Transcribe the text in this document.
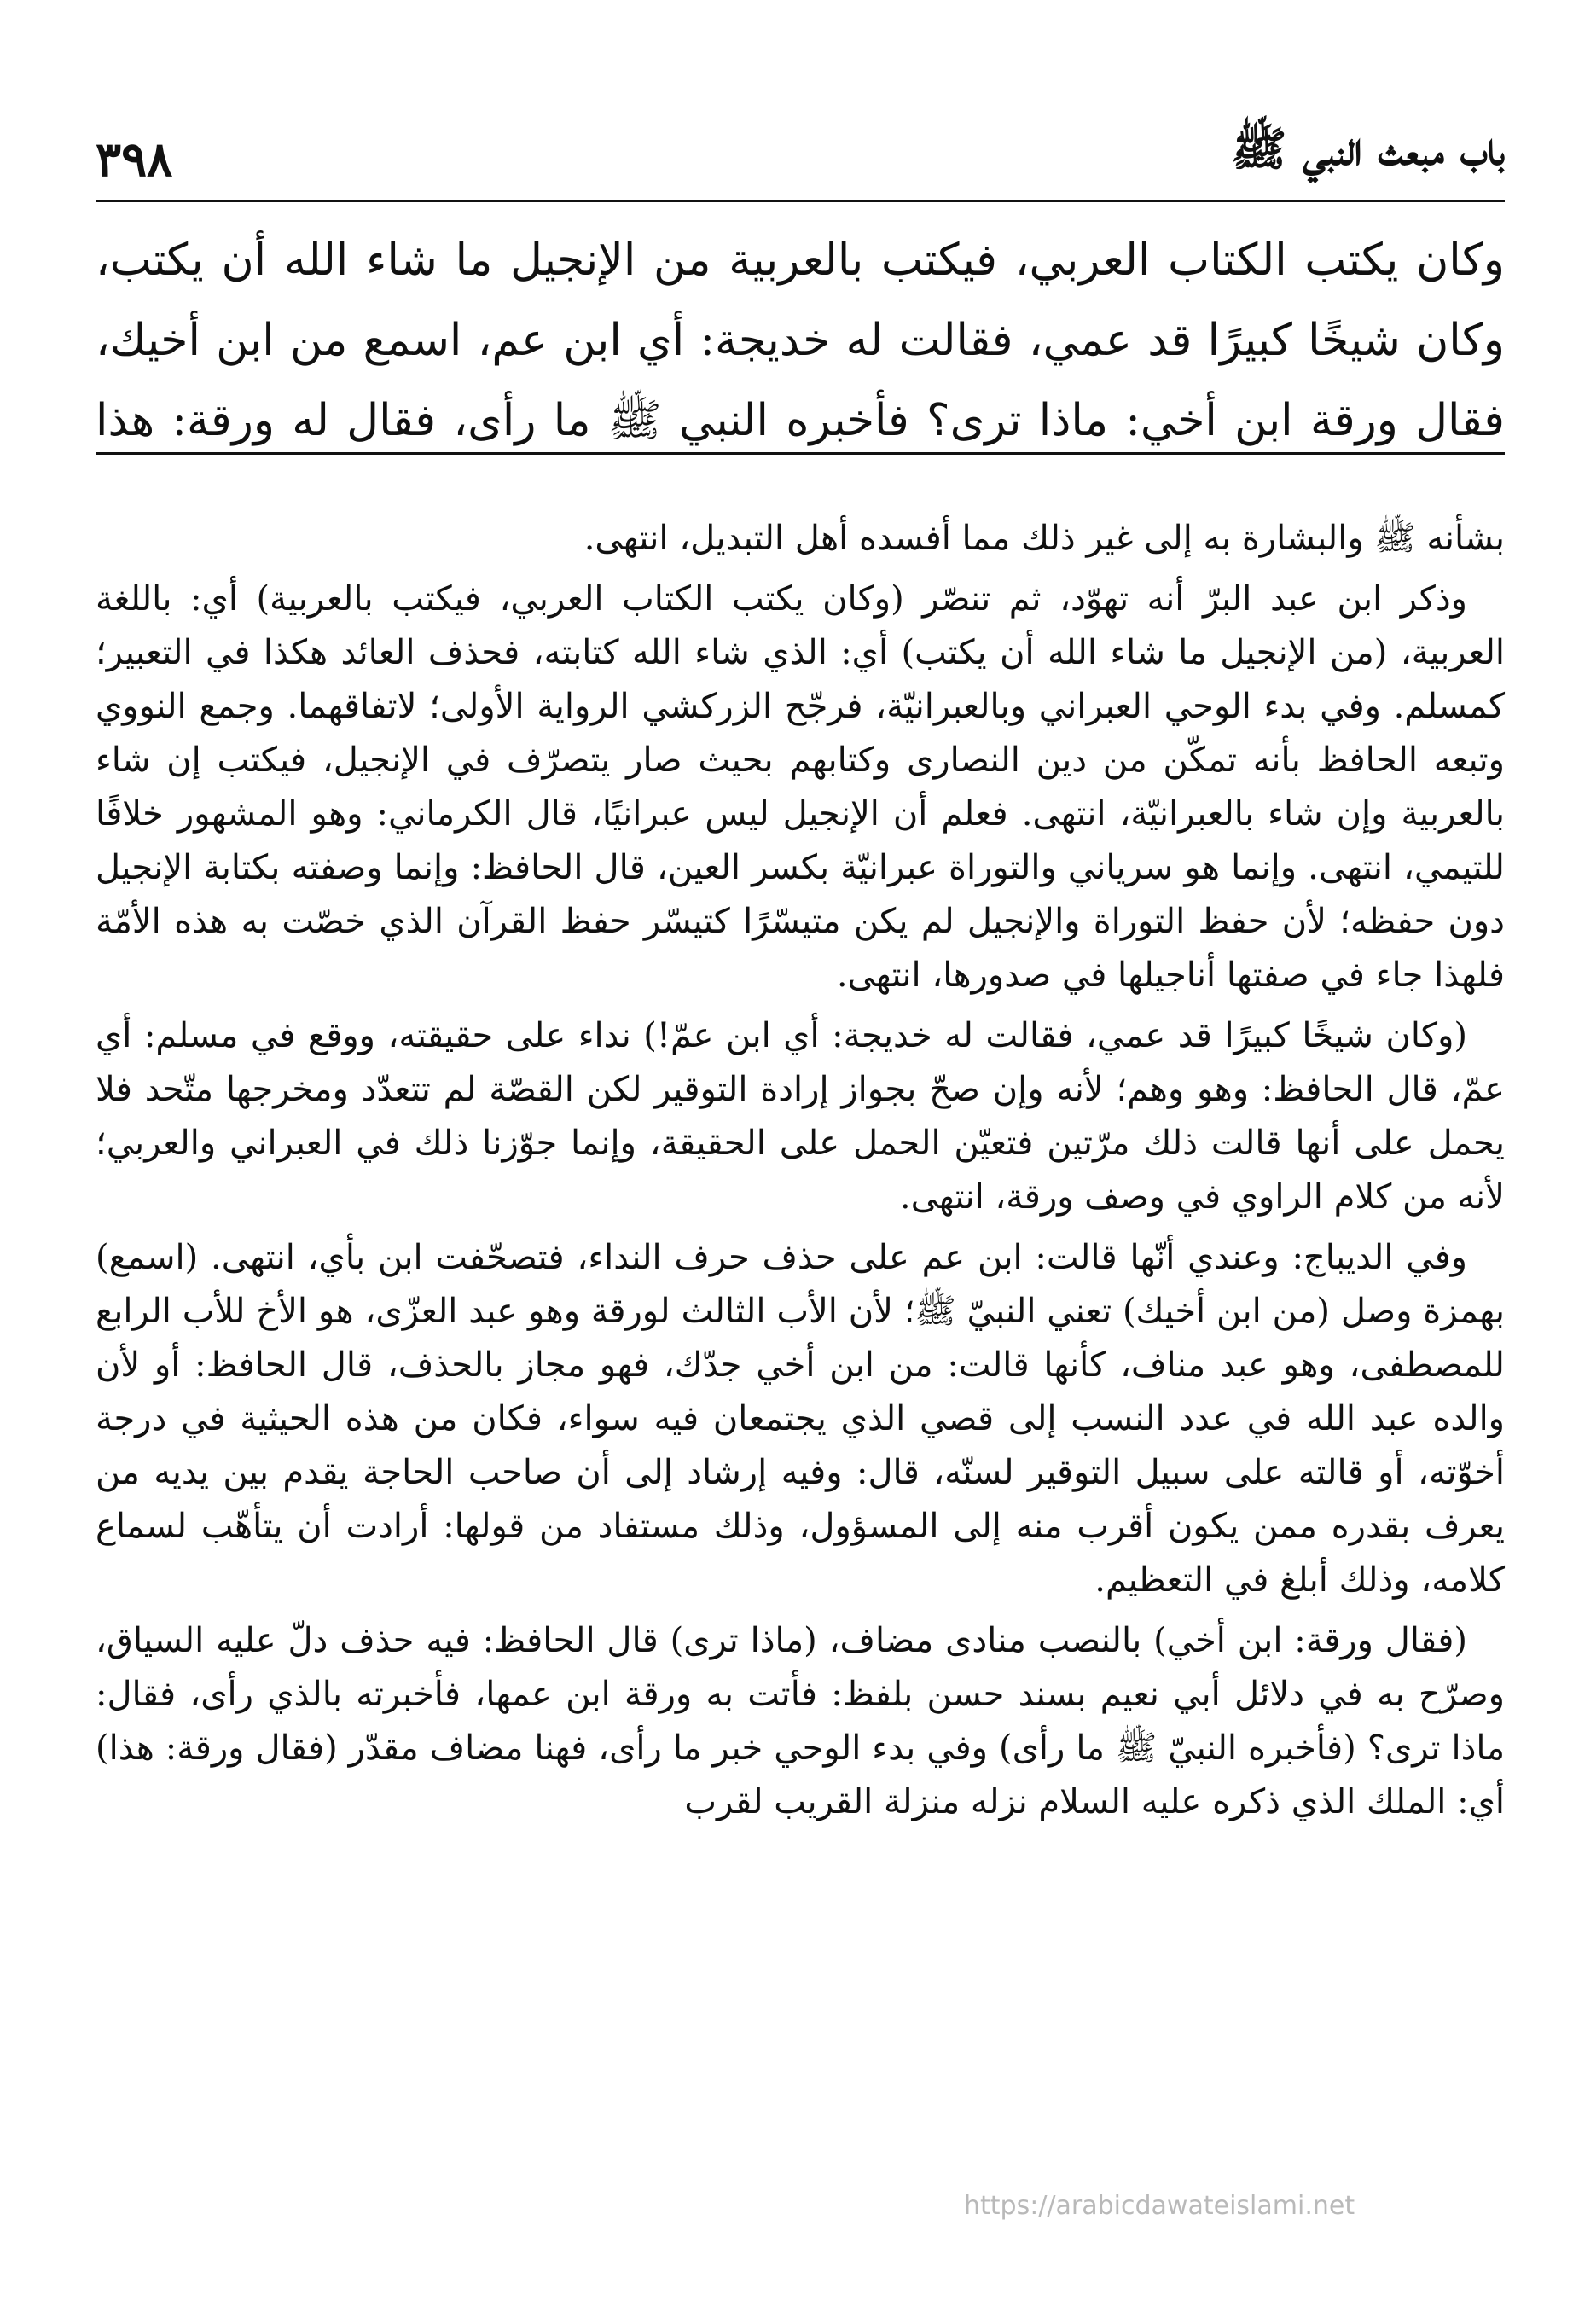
باب مبعث النبي ﷺ
٣٩٨
وكان يكتب الكتاب العربي، فيكتب بالعربية من الإنجيل ما شاء الله أن يكتب،
وكان شيخًا كبيرًا قد عمي، فقالت له خديجة: أي ابن عم، اسمع من ابن أخيك،
فقال ورقة ابن أخي: ماذا ترى؟ فأخبره النبي ﷺ ما رأى، فقال له ورقة: هذا

بشأنه ﷺ والبشارة به إلى غير ذلك مما أفسده أهل التبديل، انتهى.

وذكر ابن عبد البرّ أنه تهوّد، ثم تنصّر (وكان يكتب الكتاب العربي، فيكتب بالعربية) أي: باللغة العربية، (من الإنجيل ما شاء الله أن يكتب) أي: الذي شاء الله كتابته، فحذف العائد هكذا في التعبير؛ كمسلم. وفي بدء الوحي العبراني وبالعبرانيّة، فرجّح الزركشي الرواية الأولى؛ لاتفاقهما. وجمع النووي وتبعه الحافظ بأنه تمكّن من دين النصارى وكتابهم بحيث صار يتصرّف في الإنجيل، فيكتب إن شاء بالعربية وإن شاء بالعبرانيّة، انتهى. فعلم أن الإنجيل ليس عبرانيًا، قال الكرماني: وهو المشهور خلافًا للتيمي، انتهى. وإنما هو سرياني والتوراة عبرانيّة بكسر العين، قال الحافظ: وإنما وصفته بكتابة الإنجيل دون حفظه؛ لأن حفظ التوراة والإنجيل لم يكن متيسّرًا كتيسّر حفظ القرآن الذي خصّت به هذه الأمّة فلهذا جاء في صفتها أناجيلها في صدورها، انتهى.

(وكان شيخًا كبيرًا قد عمي، فقالت له خديجة: أي ابن عمّ!) نداء على حقيقته، ووقع في مسلم: أي عمّ، قال الحافظ: وهو وهم؛ لأنه وإن صحّ بجواز إرادة التوقير لكن القصّة لم تتعدّد ومخرجها متّحد فلا يحمل على أنها قالت ذلك مرّتين فتعيّن الحمل على الحقيقة، وإنما جوّزنا ذلك في العبراني والعربي؛ لأنه من كلام الراوي في وصف ورقة، انتهى.

وفي الديباج: وعندي أنّها قالت: ابن عم على حذف حرف النداء، فتصحّفت ابن بأي، انتهى. (اسمع) بهمزة وصل (من ابن أخيك) تعني النبيّ ﷺ؛ لأن الأب الثالث لورقة وهو عبد العزّى، هو الأخ للأب الرابع للمصطفى، وهو عبد مناف، كأنها قالت: من ابن أخي جدّك، فهو مجاز بالحذف، قال الحافظ: أو لأن والده عبد الله في عدد النسب إلى قصي الذي يجتمعان فيه سواء، فكان من هذه الحيثية في درجة أخوّته، أو قالته على سبيل التوقير لسنّه، قال: وفيه إرشاد إلى أن صاحب الحاجة يقدم بين يديه من يعرف بقدره ممن يكون أقرب منه إلى المسؤول، وذلك مستفاد من قولها: أرادت أن يتأهّب لسماع كلامه، وذلك أبلغ في التعظيم.

(فقال ورقة: ابن أخي) بالنصب منادى مضاف، (ماذا ترى) قال الحافظ: فيه حذف دلّ عليه السياق، وصرّح به في دلائل أبي نعيم بسند حسن بلفظ: فأتت به ورقة ابن عمها، فأخبرته بالذي رأى، فقال: ماذا ترى؟ (فأخبره النبيّ ﷺ ما رأى) وفي بدء الوحي خبر ما رأى، فهنا مضاف مقدّر (فقال ورقة: هذا) أي: الملك الذي ذكره عليه السلام نزله منزلة القريب لقرب

https://arabicdawateislami.net
